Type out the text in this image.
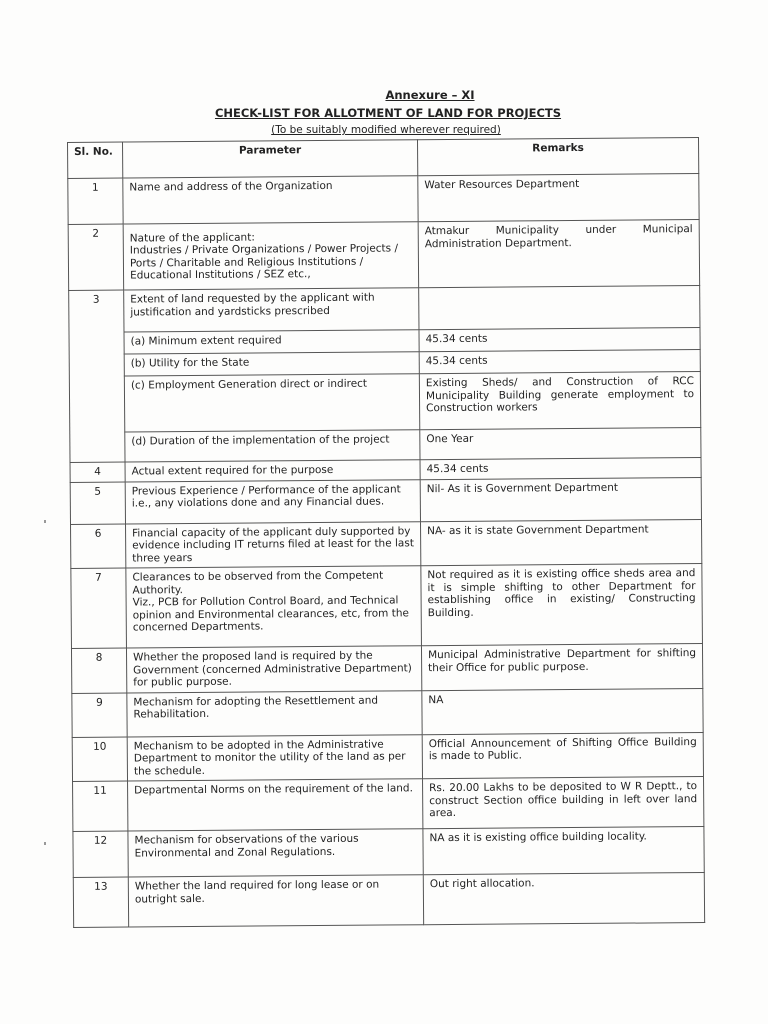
Annexure – XI
CHECK-LIST FOR ALLOTMENT OF LAND FOR PROJECTS
(To be suitably modified wherever required)
Sl. No.	Parameter	Remarks
1	Name and address of the Organization	Water Resources Department
2	Nature of the applicant:
Industries / Private Organizations / Power Projects / Ports / Charitable and Religious Institutions / Educational Institutions / SEZ etc.,	Atmakur Municipality under Municipal Administration Department.
3	Extent of land requested by the applicant with justification and yardsticks prescribed	
	(a) Minimum extent required	45.34 cents
	(b) Utility for the State	45.34 cents
	(c) Employment Generation direct or indirect	Existing Sheds/ and Construction of RCC Municipality Building generate employment to Construction workers
	(d) Duration of the implementation of the project	One Year
4	Actual extent required for the purpose	45.34 cents
5	Previous Experience / Performance of the applicant i.e., any violations done and any Financial dues.	Nil- As it is Government Department
6	Financial capacity of the applicant duly supported by evidence including IT returns filed at least for the last three years	NA- as it is state Government Department
7	Clearances to be observed from the Competent Authority.
Viz., PCB for Pollution Control Board, and Technical opinion and Environmental clearances, etc, from the concerned Departments.	Not required as it is existing office sheds area and it is simple shifting to other Department for establishing office in existing/ Constructing Building.
8	Whether the proposed land is required by the Government (concerned Administrative Department) for public purpose.	Municipal Administrative Department for shifting their Office for public purpose.
9	Mechanism for adopting the Resettlement and Rehabilitation.	NA
10	Mechanism to be adopted in the Administrative Department to monitor the utility of the land as per the schedule.	Official Announcement of Shifting Office Building is made to Public.
11	Departmental Norms on the requirement of the land.	Rs. 20.00 Lakhs to be deposited to W R Deptt., to construct Section office building in left over land area.
12	Mechanism for observations of the various Environmental and Zonal Regulations.	NA as it is existing office building locality.
13	Whether the land required for long lease or on outright sale.	Out right allocation.
